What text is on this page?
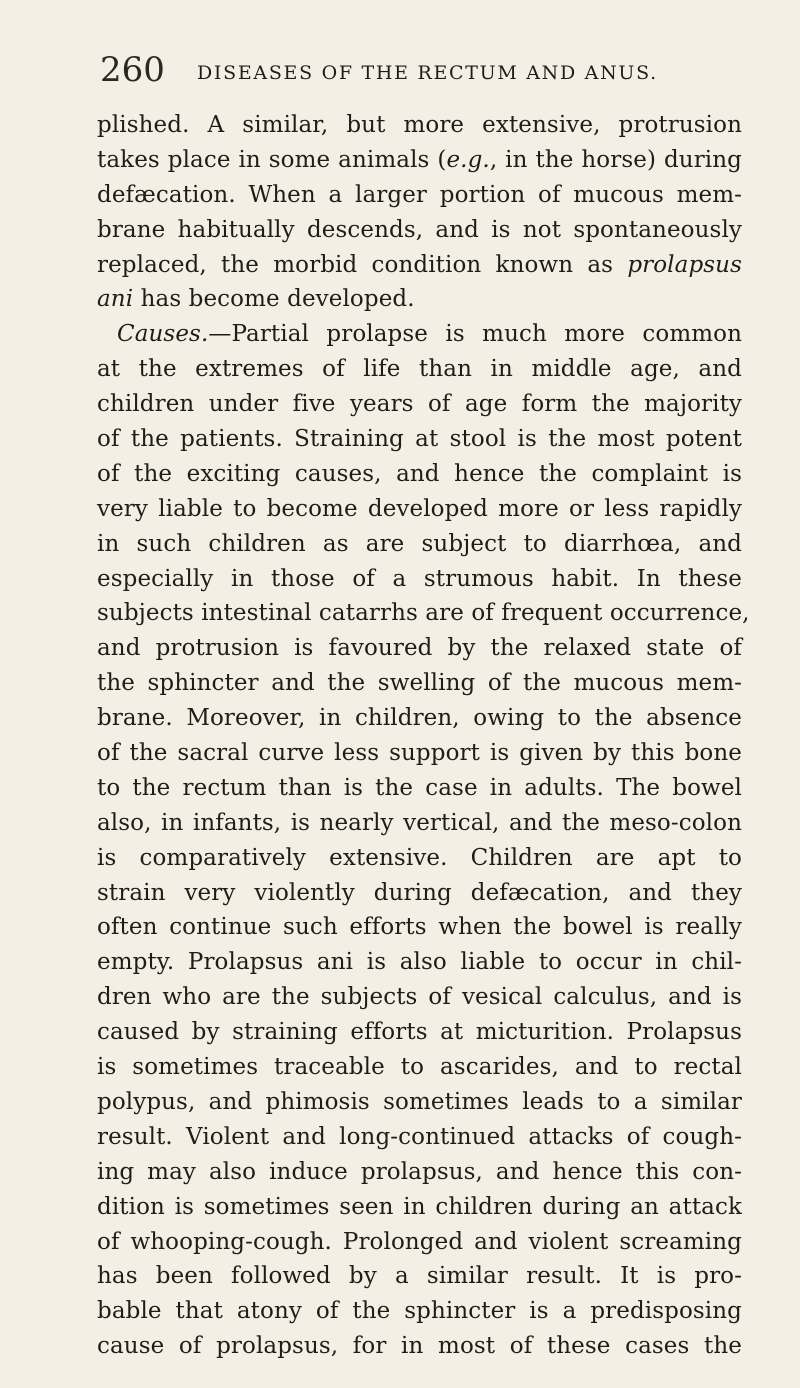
260 DISEASES OF THE RECTUM AND ANUS.
plished. A similar, but more extensive, protrusion
takes place in some animals (e.g., in the horse) during
defæcation. When a larger portion of mucous mem-
brane habitually descends, and is not spontaneously
replaced, the morbid condition known as prolapsus
ani has become developed.
Causes.—Partial prolapse is much more common
at the extremes of life than in middle age, and
children under five years of age form the majority
of the patients. Straining at stool is the most potent
of the exciting causes, and hence the complaint is
very liable to become developed more or less rapidly
in such children as are subject to diarrhœa, and
especially in those of a strumous habit. In these
subjects intestinal catarrhs are of frequent occurrence,
and protrusion is favoured by the relaxed state of
the sphincter and the swelling of the mucous mem-
brane. Moreover, in children, owing to the absence
of the sacral curve less support is given by this bone
to the rectum than is the case in adults. The bowel
also, in infants, is nearly vertical, and the meso-colon
is comparatively extensive. Children are apt to
strain very violently during defæcation, and they
often continue such efforts when the bowel is really
empty. Prolapsus ani is also liable to occur in chil-
dren who are the subjects of vesical calculus, and is
caused by straining efforts at micturition. Prolapsus
is sometimes traceable to ascarides, and to rectal
polypus, and phimosis sometimes leads to a similar
result. Violent and long-continued attacks of cough-
ing may also induce prolapsus, and hence this con-
dition is sometimes seen in children during an attack
of whooping-cough. Prolonged and violent screaming
has been followed by a similar result. It is pro-
bable that atony of the sphincter is a predisposing
cause of prolapsus, for in most of these cases the
